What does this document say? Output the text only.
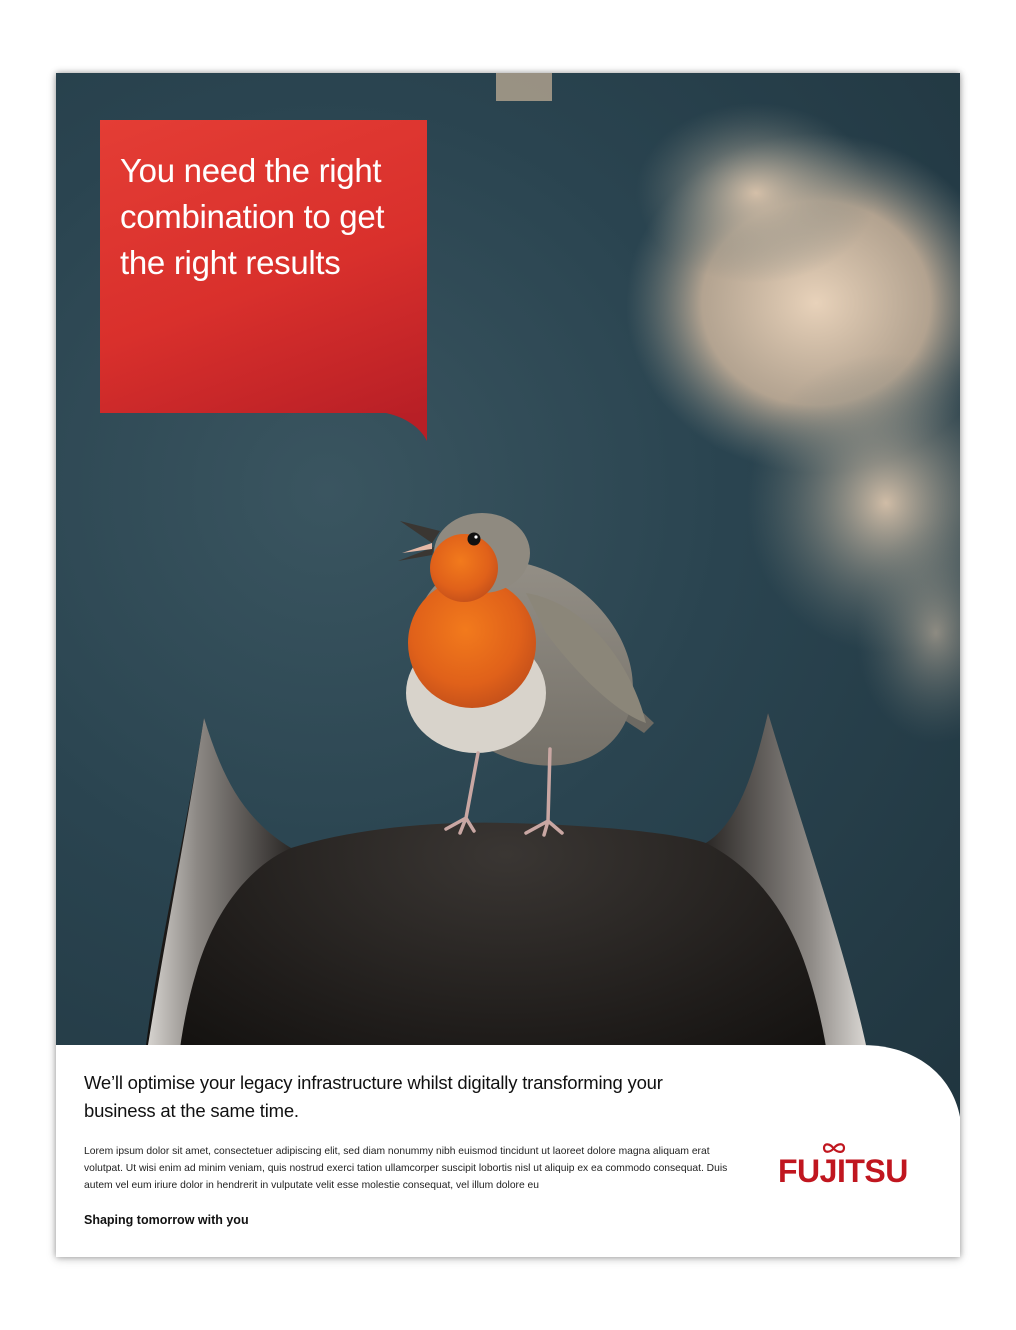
You need the right combination to get the right results
We’ll optimise your legacy infrastructure whilst digitally transforming your business at the same time.
Lorem ipsum dolor sit amet, consectetuer adipiscing elit, sed diam nonummy nibh euismod tincidunt ut laoreet dolore magna aliquam erat volutpat. Ut wisi enim ad minim veniam, quis nostrud exerci tation ullamcorper suscipit lobortis nisl ut aliquip ex ea commodo consequat. Duis autem vel eum iriure dolor in hendrerit in vulputate velit esse molestie consequat, vel illum dolore eu
Shaping tomorrow with you
FUJITSU
